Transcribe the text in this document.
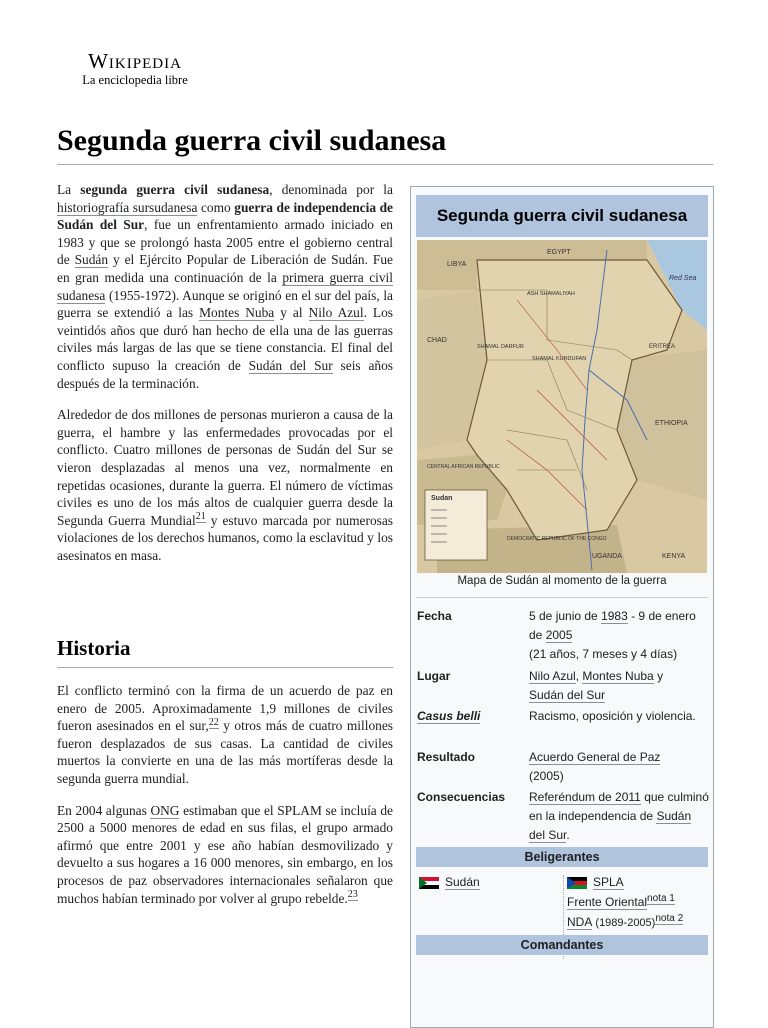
Wikipedia
La enciclopedia libre
Segunda guerra civil sudanesa

La segunda guerra civil sudanesa, denominada por la historiografía sursudanesa como guerra de independencia de Sudán del Sur, fue un enfrentamiento armado iniciado en 1983 y que se prolongó hasta 2005 entre el gobierno central de Sudán y el Ejército Popular de Liberación de Sudán. Fue en gran medida una continuación de la primera guerra civil sudanesa (1955-1972). Aunque se originó en el sur del país, la guerra se extendió a las Montes Nuba y al Nilo Azul. Los veintidós años que duró han hecho de ella una de las guerras civiles más largas de las que se tiene constancia. El final del conflicto supuso la creación de Sudán del Sur seis años después de la terminación.

Alrededor de dos millones de personas murieron a causa de la guerra, el hambre y las enfermedades provocadas por el conflicto. Cuatro millones de personas de Sudán del Sur se vieron desplazadas al menos una vez, normalmente en repetidas ocasiones, durante la guerra. El número de víctimas civiles es uno de los más altos de cualquier guerra desde la Segunda Guerra Mundial$^{21}$ y estuvo marcada por numerosas violaciones de los derechos humanos, como la esclavitud y los asesinatos en masa.

Historia

El conflicto terminó con la firma de un acuerdo de paz en enero de 2005. Aproximadamente 1,9 millones de civiles fueron asesinados en el sur,$^{22}$ y otros más de cuatro millones fueron desplazados de sus casas. La cantidad de civiles muertos la convierte en una de las más mortíferas desde la segunda guerra mundial.

En 2004 algunas ONG estimaban que el SPLAM se incluía de 2500 a 5000 menores de edad en sus filas, el grupo armado afirmó que entre 2001 y ese año habían desmovilizado y devuelto a sus hogares a 16 000 menores, sin embargo, en los procesos de paz observadores internacionales señalaron que muchos habían terminado por volver al grupo rebelde.$^{23}$

Segunda guerra civil sudanesa
Sudan
EGYPT
LIBYA
CHAD
ETHIOPIA
ERITREA
CENTRAL AFRICAN REPUBLIC
DEMOCRATIC REPUBLIC OF THE CONGO
UGANDA	KENYA
Red Sea
ASH SHAMALIYAH
SHAMAL KURDUFAN
SHAMAL DARFUR
Mapa de Sudán al momento de la guerra
Fecha	5 de junio de 1983 - 9 de enero de 2005
(21 años, 7 meses y 4 días)
Lugar	Nilo Azul, Montes Nuba y
Sudán del Sur
Casus belli	Racismo, oposición y violencia.
Resultado	Acuerdo General de Paz
(2005)
Consecuencias	Referéndum de 2011 que culminó en la independencia de Sudán del Sur.
Beligerantes
Sudán	SPLA
Frente Oriental$^{nota 1}$
NDA (1989-2005)$^{nota 2}$
Comandantes
